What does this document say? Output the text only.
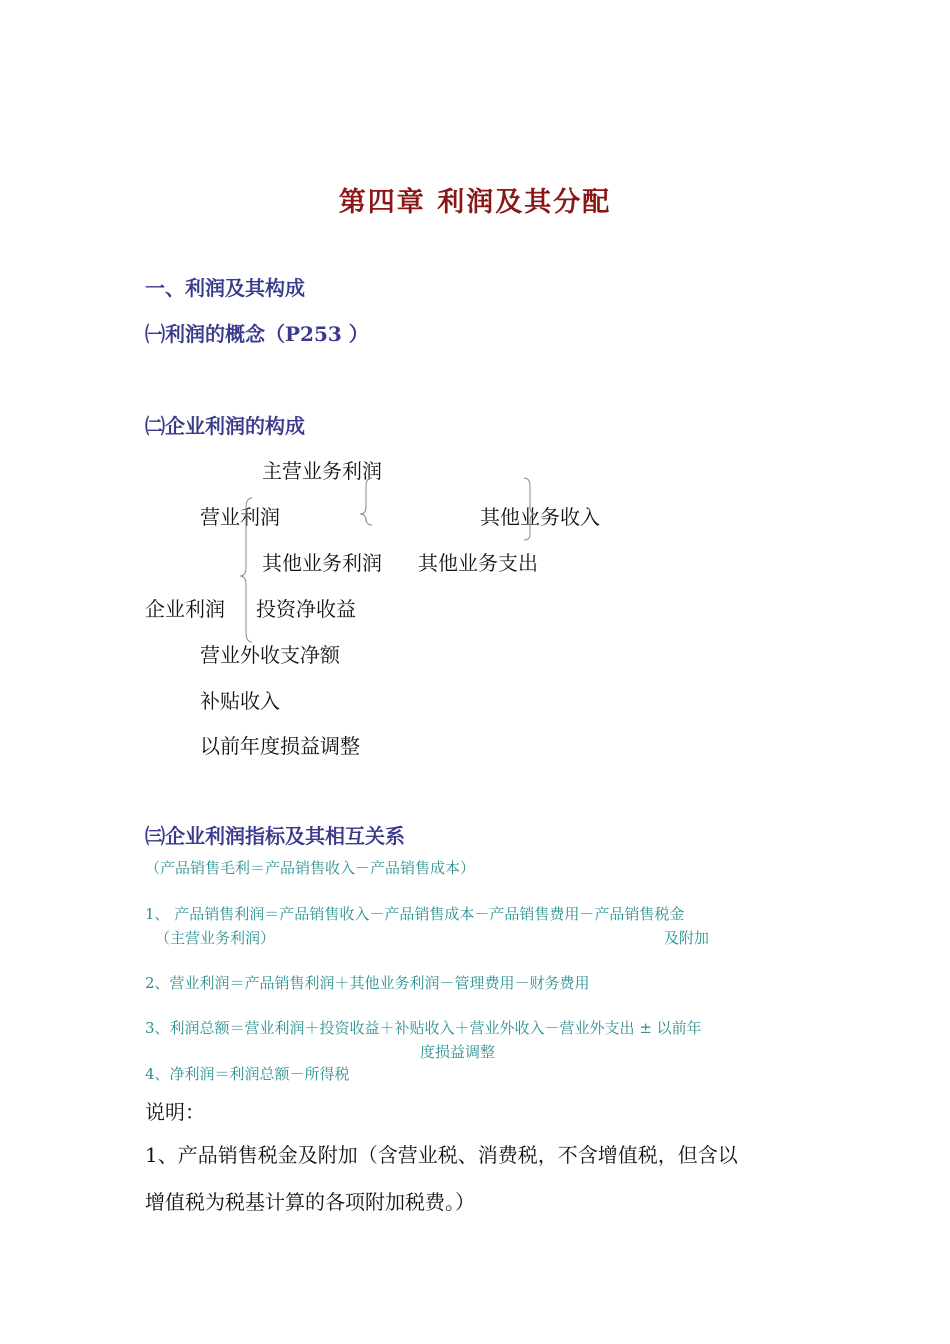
第四章 利润及其分配
一、利润及其构成
㈠利润的概念（P253 ）
㈡企业利润的构成
主营业务利润
营业利润	其他业务收入
其他业务利润 其他业务支出
企业利润 投资净收益
营业外收支净额
补贴收入
以前年度损益调整
㈢企业利润指标及其相互关系
（产品销售毛利＝产品销售收入－产品销售成本）
1、 产品销售利润＝产品销售收入－产品销售成本－产品销售费用－产品销售税金
（主营业务利润）	及附加
2、营业利润＝产品销售利润＋其他业务利润－管理费用－财务费用
3、利润总额＝营业利润＋投资收益＋补贴收入＋营业外收入－营业外支出 ± 以前年
度损益调整
4、净利润＝利润总额－所得税
说明：
1、产品销售税金及附加（含营业税、消费税，不含增值税，但含以
增值税为税基计算的各项附加税费。）
